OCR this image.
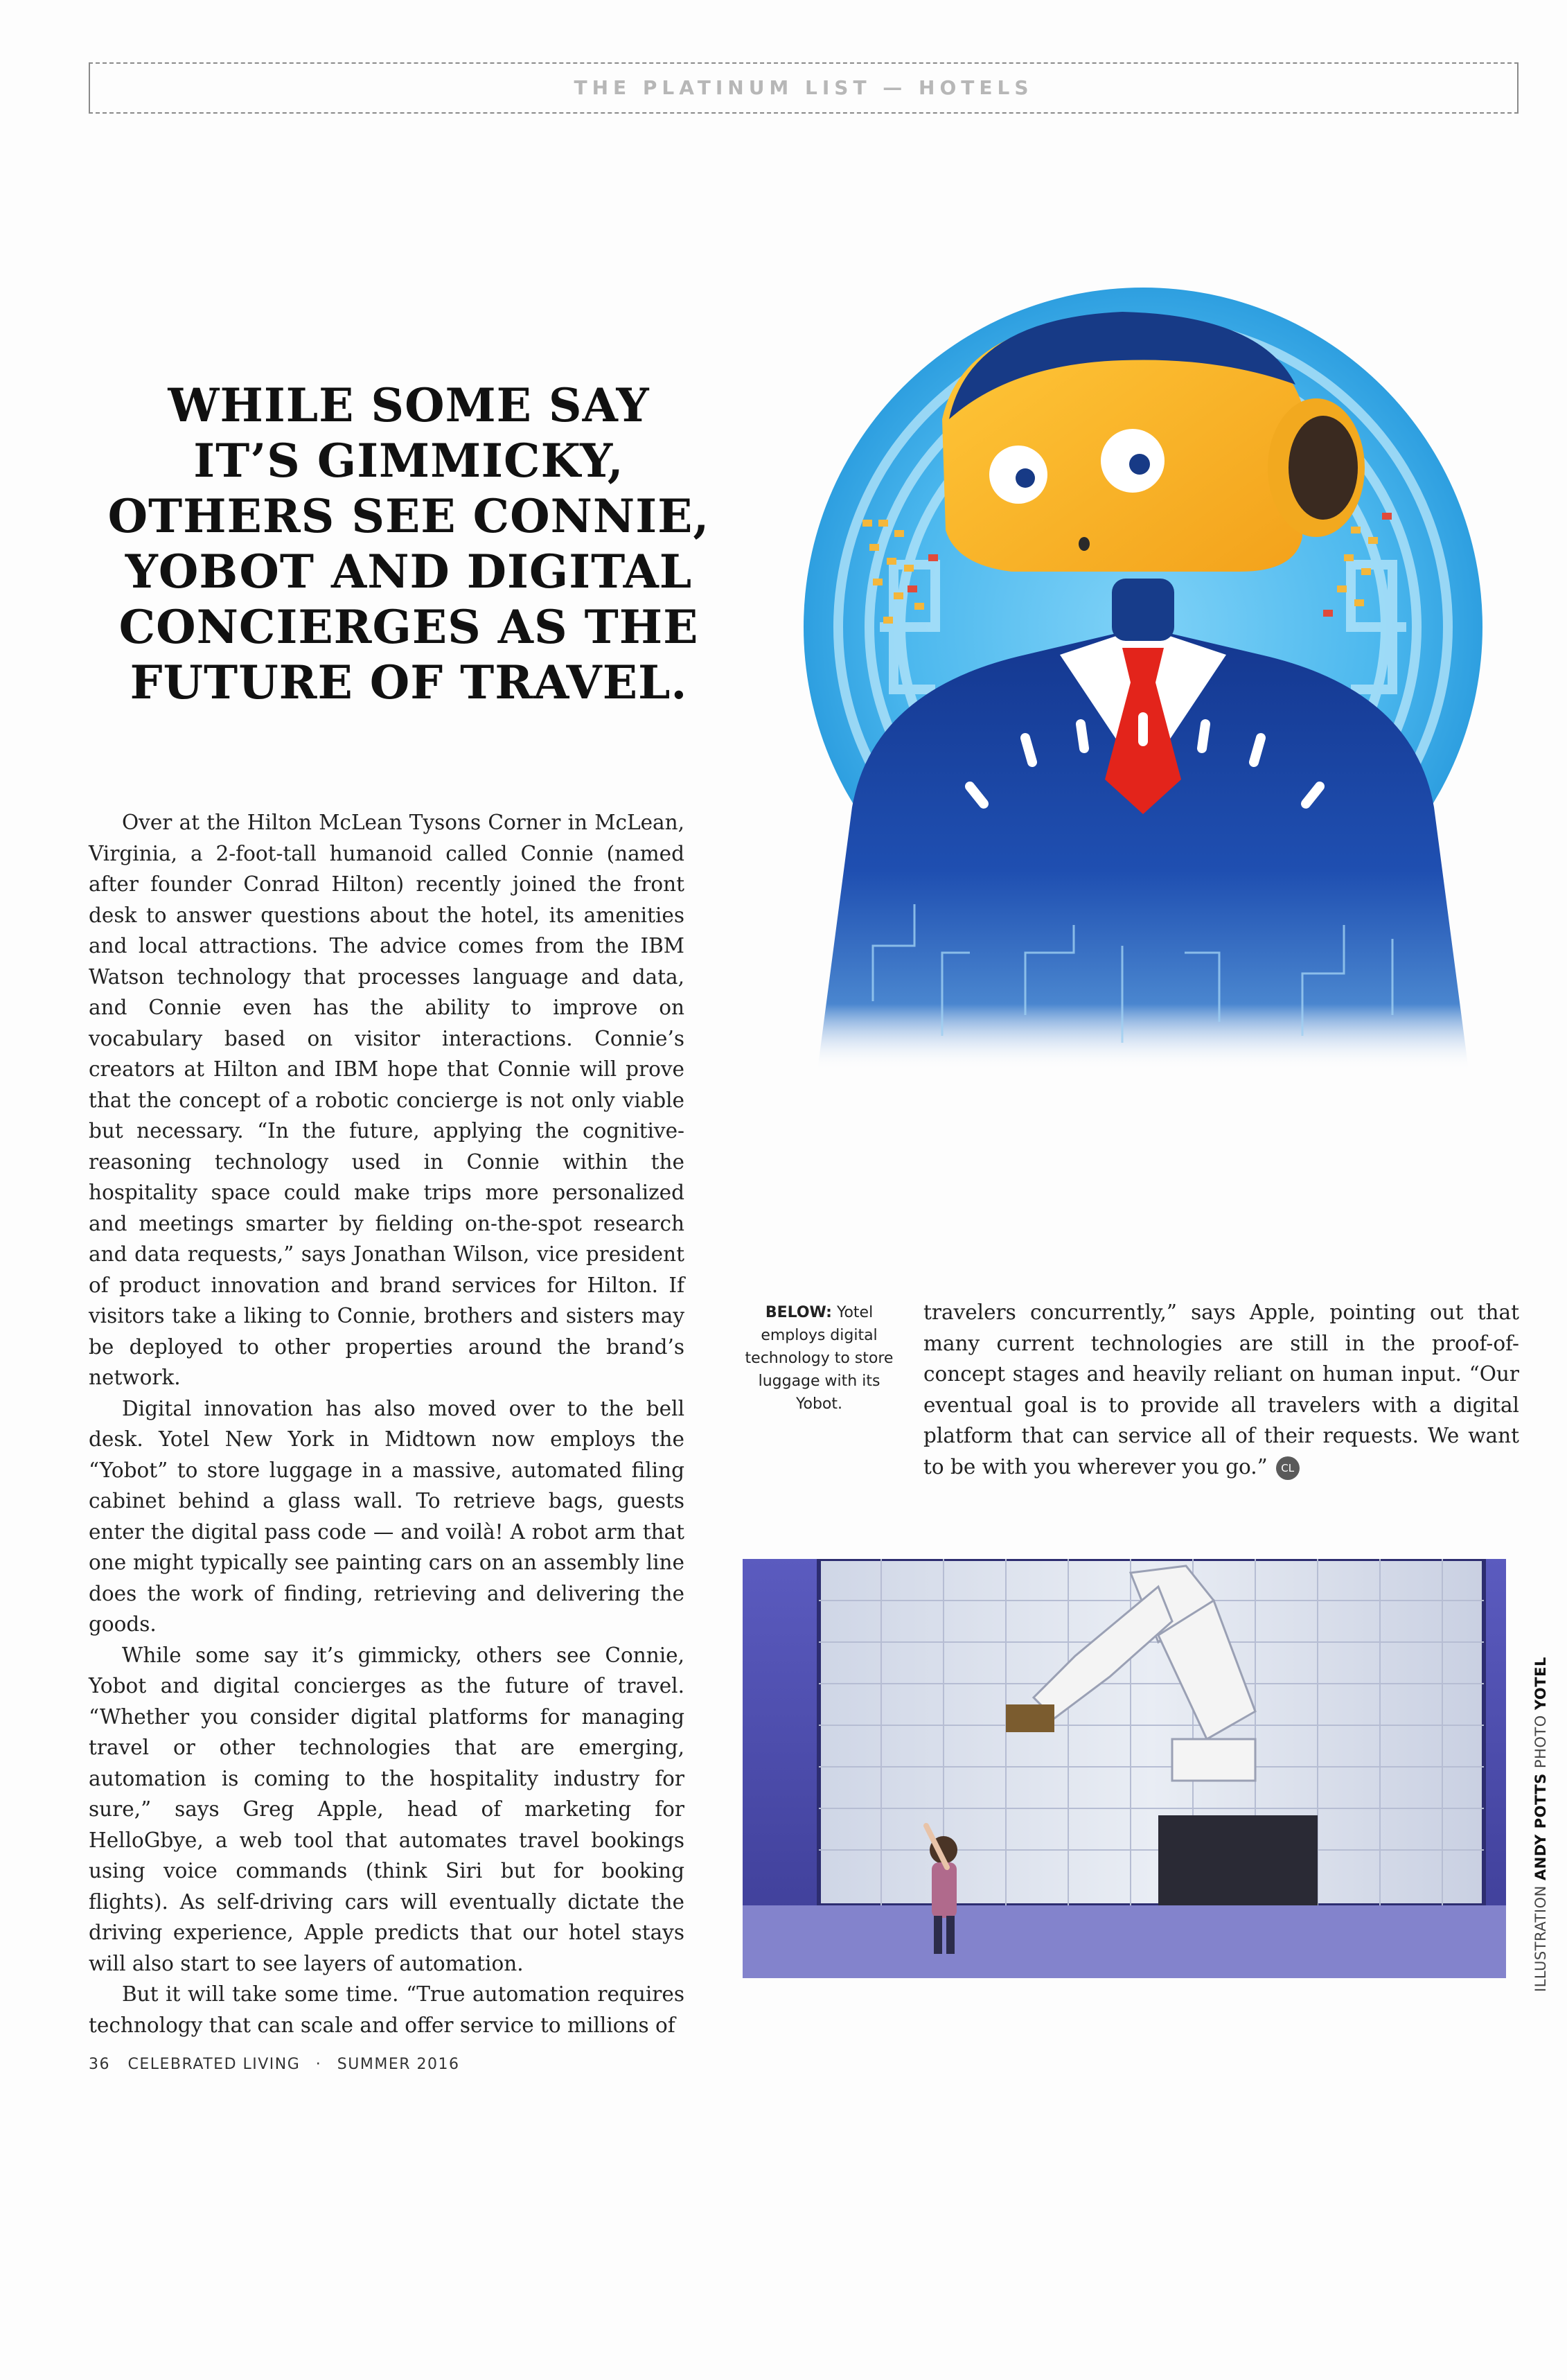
THE PLATINUM LIST — HOTELS
WHILE SOME SAY
IT’S GIMMICKY,
OTHERS SEE CONNIE,
YOBOT AND DIGITAL
CONCIERGES AS THE
FUTURE OF TRAVEL.

Over at the Hilton McLean Tysons Corner in McLean, Virginia, a 2-foot-tall humanoid called Connie (named after founder Conrad Hilton) recently joined the front desk to answer questions about the hotel, its amenities and local attractions. The advice comes from the IBM Watson technology that processes language and data, and Connie even has the ability to improve on vocabulary based on visitor interactions. Connie’s creators at Hilton and IBM hope that Connie will prove that the concept of a robotic concierge is not only viable but necessary. “In the future, applying the cognitive-reasoning technology used in Connie within the hospitality space could make trips more personalized and meetings smarter by fielding on-the-spot research and data requests,” says Jonathan Wilson, vice president of product innovation and brand services for Hilton. If visitors take a liking to Connie, brothers and sisters may be deployed to other properties around the brand’s network.

Digital innovation has also moved over to the bell desk. Yotel New York in Midtown now employs the “Yobot” to store luggage in a massive, automated filing cabinet behind a glass wall. To retrieve bags, guests enter the digital pass code — and voilà! A robot arm that one might typically see painting cars on an assembly line does the work of finding, retrieving and delivering the goods.

While some say it’s gimmicky, others see Connie, Yobot and digital concierges as the future of travel. “Whether you consider digital platforms for managing travel or other technologies that are emerging, automation is coming to the hospitality industry for sure,” says Greg Apple, head of marketing for HelloGbye, a web tool that automates travel bookings using voice commands (think Siri but for booking flights). As self-driving cars will eventually dictate the driving experience, Apple predicts that our hotel stays will also start to see layers of automation.

But it will take some time. “True automation requires technology that can scale and offer service to millions of

BELOW: Yotel employs digital technology to store luggage with its Yobot.

travelers concurrently,” says Apple, pointing out that many current technologies are still in the proof-of-concept stages and heavily reliant on human input. “Our eventual goal is to provide all travelers with a digital platform that can service all of their requests. We want to be with you wherever you go.” CL

ILLUSTRATION ANDY POTTS PHOTO YOTEL
36 CELEBRATED LIVING · SUMMER 2016
